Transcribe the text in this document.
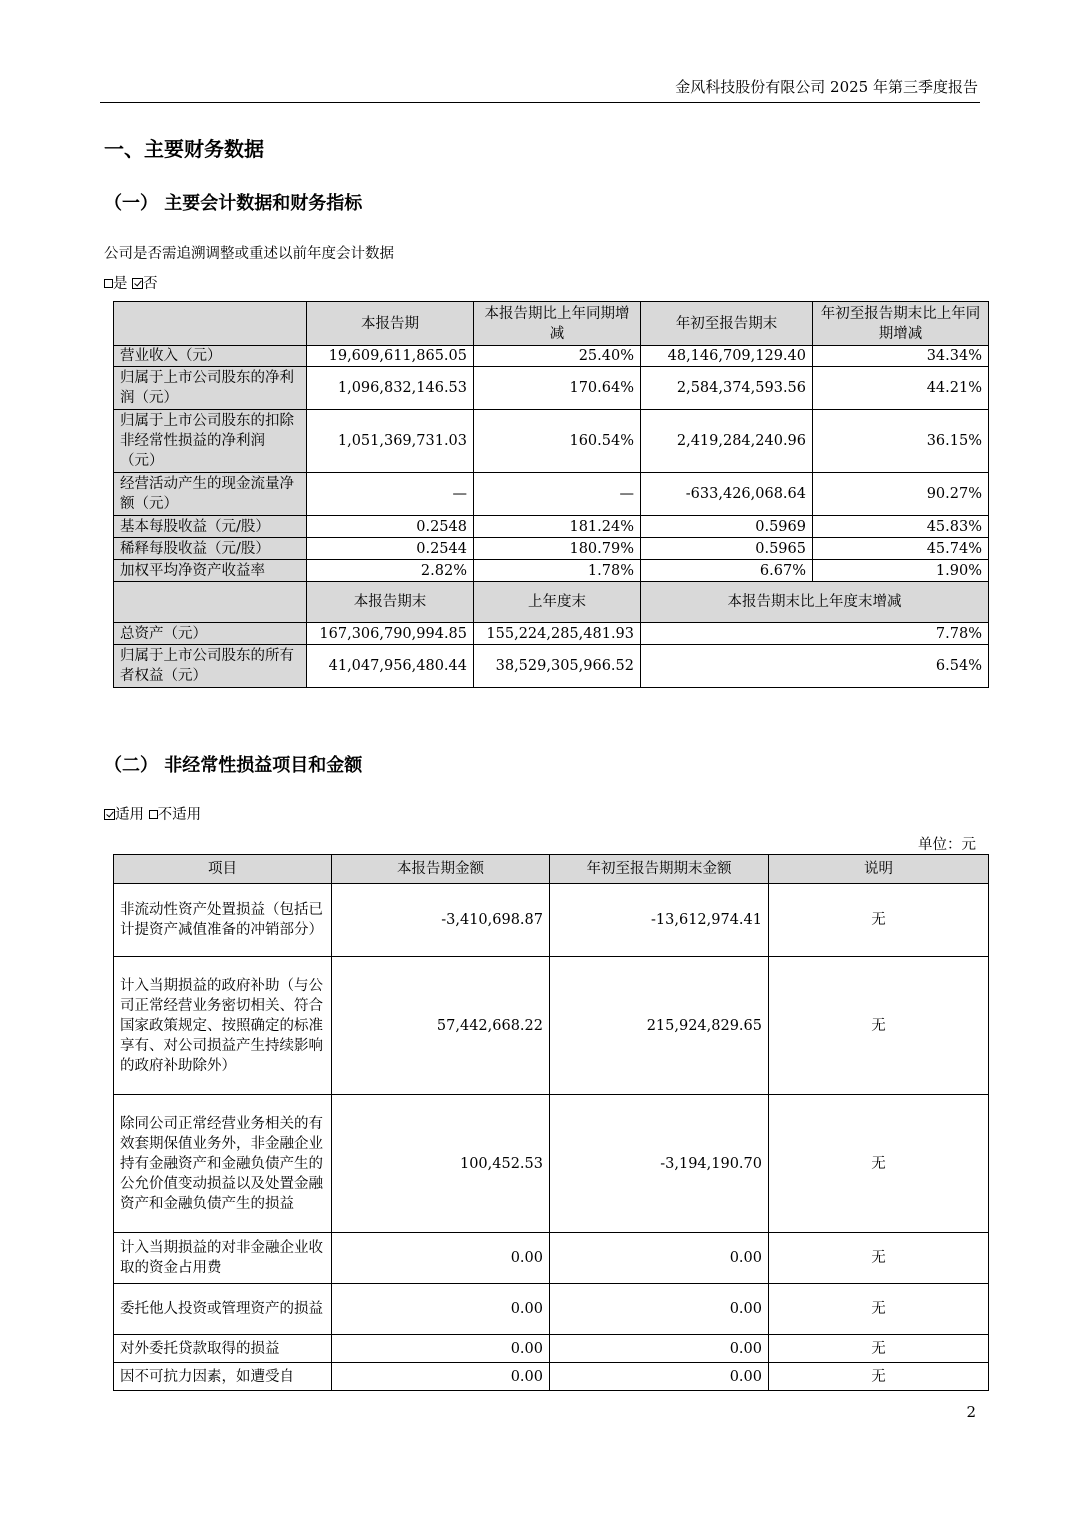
金风科技股份有限公司 2025 年第三季度报告
一、主要财务数据
（一） 主要会计数据和财务指标
公司是否需追溯调整或重述以前年度会计数据
是 否
	本报告期	本报告期比上年同期增减	年初至报告期末	年初至报告期末比上年同期增减
营业收入（元）	19,609,611,865.05	25.40%	48,146,709,129.40	34.34%
归属于上市公司股东的净利润（元）	1,096,832,146.53	170.64%	2,584,374,593.56	44.21%
归属于上市公司股东的扣除非经常性损益的净利润（元）	1,051,369,731.03	160.54%	2,419,284,240.96	36.15%
经营活动产生的现金流量净额（元）	—	—	-633,426,068.64	90.27%
基本每股收益（元/股）	0.2548	181.24%	0.5969	45.83%
稀释每股收益（元/股）	0.2544	180.79%	0.5965	45.74%
加权平均净资产收益率	2.82%	1.78%	6.67%	1.90%
	本报告期末	上年度末	本报告期末比上年度末增减	
总资产（元）	167,306,790,994.85	155,224,285,481.93	7.78%	
归属于上市公司股东的所有者权益（元）	41,047,956,480.44	38,529,305,966.52	6.54%	
（二） 非经常性损益项目和金额
适用 不适用
单位：元
项目	本报告期金额	年初至报告期期末金额	说明
非流动性资产处置损益（包括已计提资产减值准备的冲销部分）	-3,410,698.87	-13,612,974.41	无
计入当期损益的政府补助（与公司正常经营业务密切相关、符合国家政策规定、按照确定的标准享有、对公司损益产生持续影响的政府补助除外）	57,442,668.22	215,924,829.65	无
除同公司正常经营业务相关的有效套期保值业务外，非金融企业持有金融资产和金融负债产生的公允价值变动损益以及处置金融资产和金融负债产生的损益	100,452.53	-3,194,190.70	无
计入当期损益的对非金融企业收取的资金占用费	0.00	0.00	无
委托他人投资或管理资产的损益	0.00	0.00	无
对外委托贷款取得的损益	0.00	0.00	无
因不可抗力因素，如遭受自	0.00	0.00	无
2
